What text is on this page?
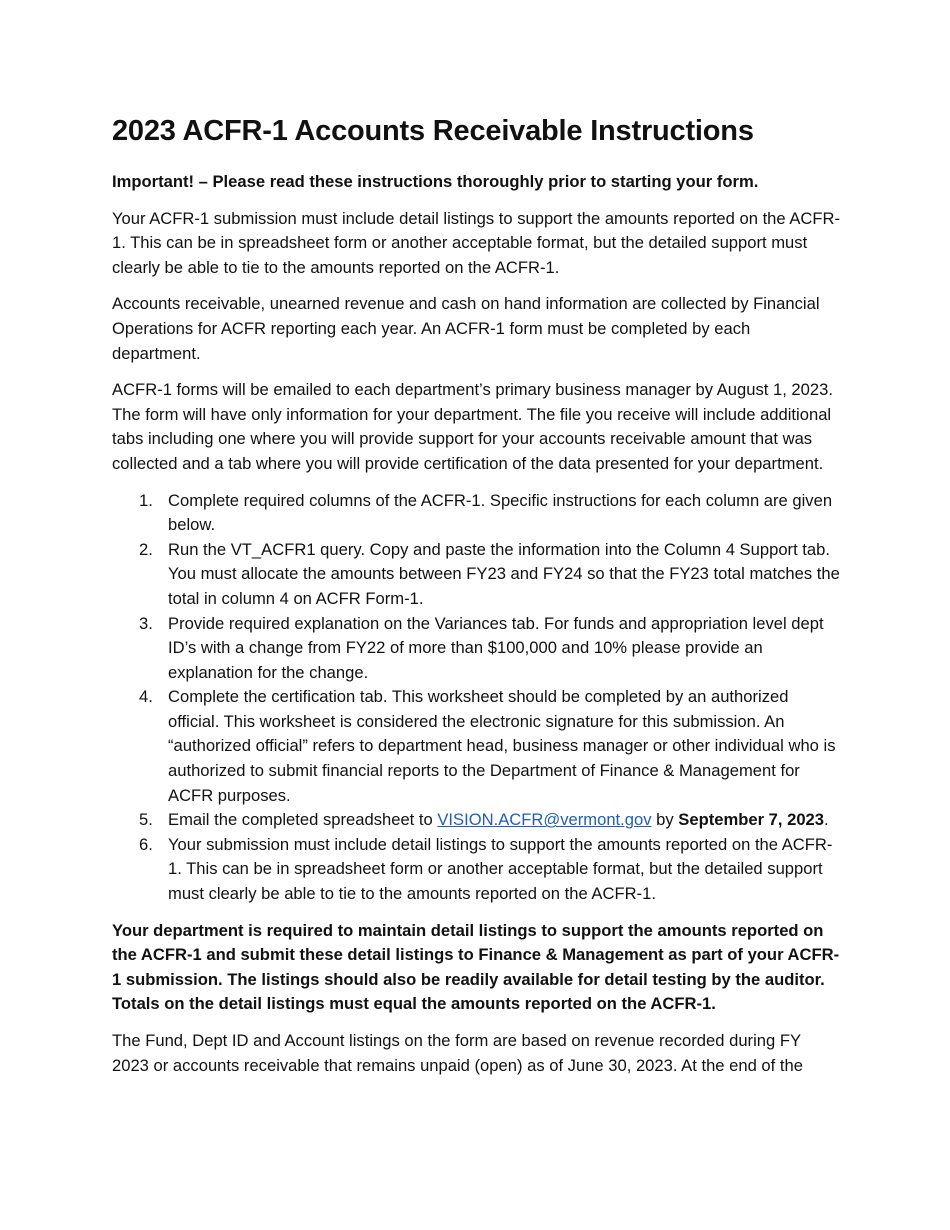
2023 ACFR-1 Accounts Receivable Instructions

Important! – Please read these instructions thoroughly prior to starting your form.

Your ACFR-1 submission must include detail listings to support the amounts reported on the ACFR-1. This can be in spreadsheet form or another acceptable format, but the detailed support must clearly be able to tie to the amounts reported on the ACFR-1.

Accounts receivable, unearned revenue and cash on hand information are collected by Financial Operations for ACFR reporting each year. An ACFR-1 form must be completed by each department.

ACFR-1 forms will be emailed to each department’s primary business manager by August 1, 2023. The form will have only information for your department. The file you receive will include additional tabs including one where you will provide support for your accounts receivable amount that was collected and a tab where you will provide certification of the data presented for your department.

1. Complete required columns of the ACFR-1. Specific instructions for each column are given below.
2. Run the VT_ACFR1 query. Copy and paste the information into the Column 4 Support tab. You must allocate the amounts between FY23 and FY24 so that the FY23 total matches the total in column 4 on ACFR Form-1.
3. Provide required explanation on the Variances tab. For funds and appropriation level dept ID’s with a change from FY22 of more than $100,000 and 10% please provide an explanation for the change.
4. Complete the certification tab. This worksheet should be completed by an authorized official. This worksheet is considered the electronic signature for this submission. An “authorized official” refers to department head, business manager or other individual who is authorized to submit financial reports to the Department of Finance & Management for ACFR purposes.
5. Email the completed spreadsheet to VISION.ACFR@vermont.gov by September 7, 2023.
6. Your submission must include detail listings to support the amounts reported on the ACFR-1. This can be in spreadsheet form or another acceptable format, but the detailed support must clearly be able to tie to the amounts reported on the ACFR-1.

Your department is required to maintain detail listings to support the amounts reported on the ACFR-1 and submit these detail listings to Finance & Management as part of your ACFR-1 submission. The listings should also be readily available for detail testing by the auditor. Totals on the detail listings must equal the amounts reported on the ACFR-1.

The Fund, Dept ID and Account listings on the form are based on revenue recorded during FY 2023 or accounts receivable that remains unpaid (open) as of June 30, 2023. At the end of the
